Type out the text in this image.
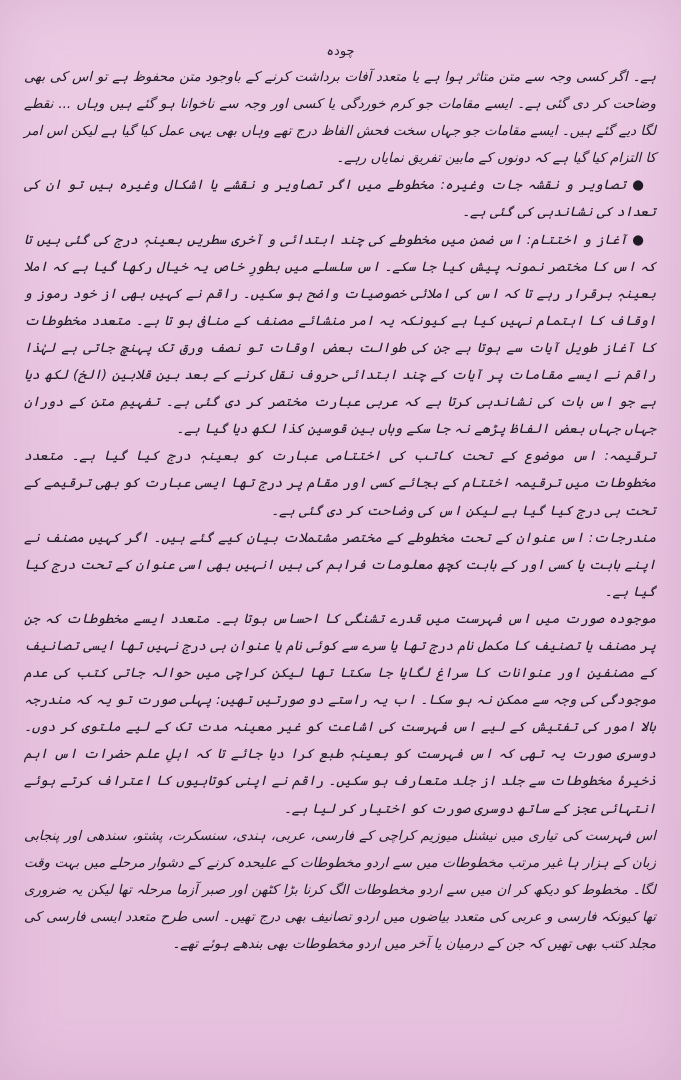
چودہ

ہے۔ اگر کسی وجہ سے متن متاثر ہوا ہے یا متعدد آفات برداشت کرنے کے باوجود متن محفوظ ہے تو اس کی بھی وضاحت کر دی گئی ہے۔ ایسے مقامات جو کرم خوردگی یا کسی اور وجہ سے ناخوانا ہو گئے ہیں وہاں ... نقطے لگا دیے گئے ہیں۔ ایسے مقامات جو جہاں سخت فحش الفاظ درج تھے وہاں بھی یہی عمل کیا گیا ہے لیکن اس امر کا التزام کیا گیا ہے کہ دونوں کے مابین تفریق نمایاں رہے۔

● تصاویر و نقشہ جات وغیرہ: مخطوطے میں اگر تصاویر و نقشے یا اشکال وغیرہ ہیں تو ان کی تعداد کی نشاندہی کی گئی ہے۔

● آغاز و اختتام: اس ضمن میں مخطوطے کی چند ابتدائی و آخری سطریں بعینہٖ درج کی گئی ہیں تا کہ اس کا مختصر نمونہ پیش کیا جا سکے۔ اس سلسلے میں بطورِ خاص یہ خیال رکھا گیا ہے کہ املا بعینہٖ برقرار رہے تا کہ اس کی املائی خصوصیات واضح ہو سکیں۔ راقم نے کہیں بھی از خود رموز و اوقاف کا اہتمام نہیں کیا ہے کیونکہ یہ امر منشائے مصنف کے منافی ہو تا ہے۔ متعدد مخطوطات کا آغاز طویل آیات سے ہوتا ہے جن کی طوالت بعض اوقات تو نصف ورق تک پہنچ جاتی ہے لہٰذا راقم نے ایسے مقامات پر آیات کے چند ابتدائی حروف نقل کرنے کے بعد بین قلابین (الخ) لکھ دیا ہے جو اس بات کی نشاندہی کرتا ہے کہ عربی عبارت مختصر کر دی گئی ہے۔ تفہیمِ متن کے دوران جہاں جہاں بعض الفاظ پڑھے نہ جا سکے وہاں بین قوسین کذا لکھ دیا گیا ہے۔

ترقیمہ: اس موضوع کے تحت کاتب کی اختتامی عبارت کو بعینہٖ درج کیا گیا ہے۔ متعدد مخطوطات میں ترقیمہ اختتام کے بجائے کسی اور مقام پر درج تھا ایسی عبارت کو بھی ترقیمے کے تحت ہی درج کیا گیا ہے لیکن اس کی وضاحت کر دی گئی ہے۔

مندرجات: اس عنوان کے تحت مخطوطے کے مختصر مشتملات بیان کیے گئے ہیں۔ اگر کہیں مصنف نے اپنے بابت یا کسی اور کے بابت کچھ معلومات فراہم کی ہیں انہیں بھی اسی عنوان کے تحت درج کیا گیا ہے۔

موجودہ صورت میں اس فہرست میں قدرے تشنگی کا احساس ہوتا ہے۔ متعدد ایسے مخطوطات کہ جن پر مصنف یا تصنیف کا مکمل نام درج تھا یا سرے سے کوئی نام یا عنوان ہی درج نہیں تھا ایسی تصانیف کے مصنفین اور عنوانات کا سراغ لگایا جا سکتا تھا لیکن کراچی میں حوالہ جاتی کتب کی عدم موجودگی کی وجہ سے ممکن نہ ہو سکا۔ اب یہ راستے دو صورتیں تھیں: پہلی صورت تو یہ کہ مندرجہ بالا امور کی تفتیش کے لیے اس فہرست کی اشاعت کو غیر معینہ مدت تک کے لیے ملتوی کر دوں۔ دوسری صورت یہ تھی کہ اس فہرست کو بعینہٖ طبع کرا دیا جائے تا کہ اہلِ علم حضرات اس اہم ذخیرۂ مخطوطات سے جلد از جلد متعارف ہو سکیں۔ راقم نے اپنی کوتاہیوں کا اعتراف کرتے ہوئے انتہائی عجز کے ساتھ دوسری صورت کو اختیار کر لیا ہے۔

اس فہرست کی تیاری میں نیشنل میوزیم کراچی کے فارسی، عربی، ہندی، سنسکرت، پشتو، سندھی اور پنجابی زبان کے ہزار ہا غیر مرتب مخطوطات میں سے اردو مخطوطات کے علیحدہ کرنے کے دشوار مرحلے میں بہت وقت لگا۔ مخطوط کو دیکھ کر ان میں سے اردو مخطوطات الگ کرنا بڑا کٹھن اور صبر آزما مرحلہ تھا لیکن یہ ضروری تھا کیونکہ فارسی و عربی کی متعدد بیاضوں میں اردو تصانیف بھی درج تھیں۔ اسی طرح متعدد ایسی فارسی کی مجلد کتب بھی تھیں کہ جن کے درمیان یا آخر میں اردو مخطوطات بھی بندھے ہوئے تھے۔
